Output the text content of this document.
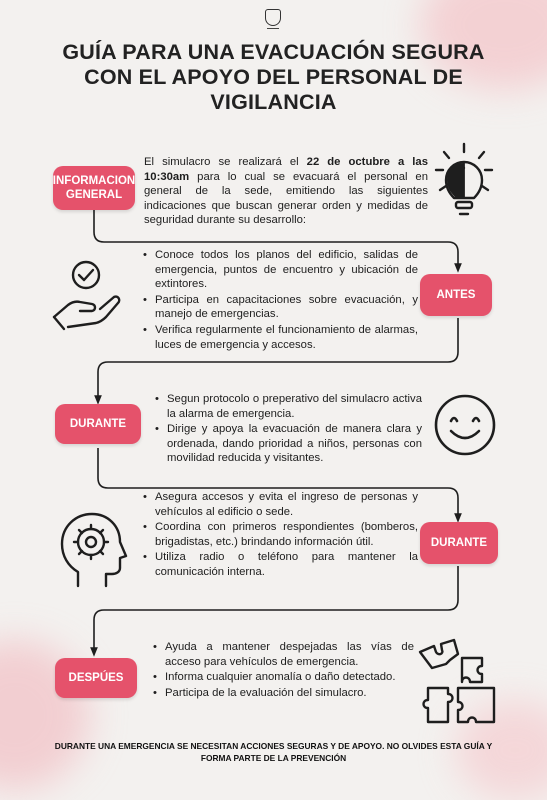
▬▬▬▬
GUÍA PARA UNA EVACUACIÓN SEGURA
CON EL APOYO DEL PERSONAL DE
VIGILANCIA
INFORMACION
GENERAL

El simulacro se realizará el 22 de octubre a las 10:30am para lo cual se evacuará el personal en general de la sede, emitiendo las siguientes indicaciones que buscan generar orden y medidas de seguridad durante su desarrollo:

ANTES
• Conoce todos los planos del edificio, salidas de emergencia, puntos de encuentro y ubicación de extintores.
• Participa en capacitaciones sobre evacuación, y manejo de emergencias.
• Verifica regularmente el funcionamiento de alarmas, luces de emergencia y accesos.
DURANTE
• Segun protocolo o preperativo del simulacro activa la alarma de emergencia.
• Dirige y apoya la evacuación de manera clara y ordenada, dando prioridad a niños, personas con movilidad reducida y visitantes.
DURANTE
• Asegura accesos y evita el ingreso de personas y vehículos al edificio o sede.
• Coordina con primeros respondientes (bomberos, brigadistas, etc.) brindando información útil.
• Utiliza radio o teléfono para mantener la comunicación interna.
DESPÚES
• Ayuda a mantener despejadas las vías de acceso para vehículos de emergencia.
• Informa cualquier anomalía o daño detectado.
• Participa de la evaluación del simulacro.

DURANTE UNA EMERGENCIA SE NECESITAN ACCIONES SEGURAS Y DE APOYO. NO OLVIDES ESTA GUÍA Y
FORMA PARTE DE LA PREVENCIÓN
